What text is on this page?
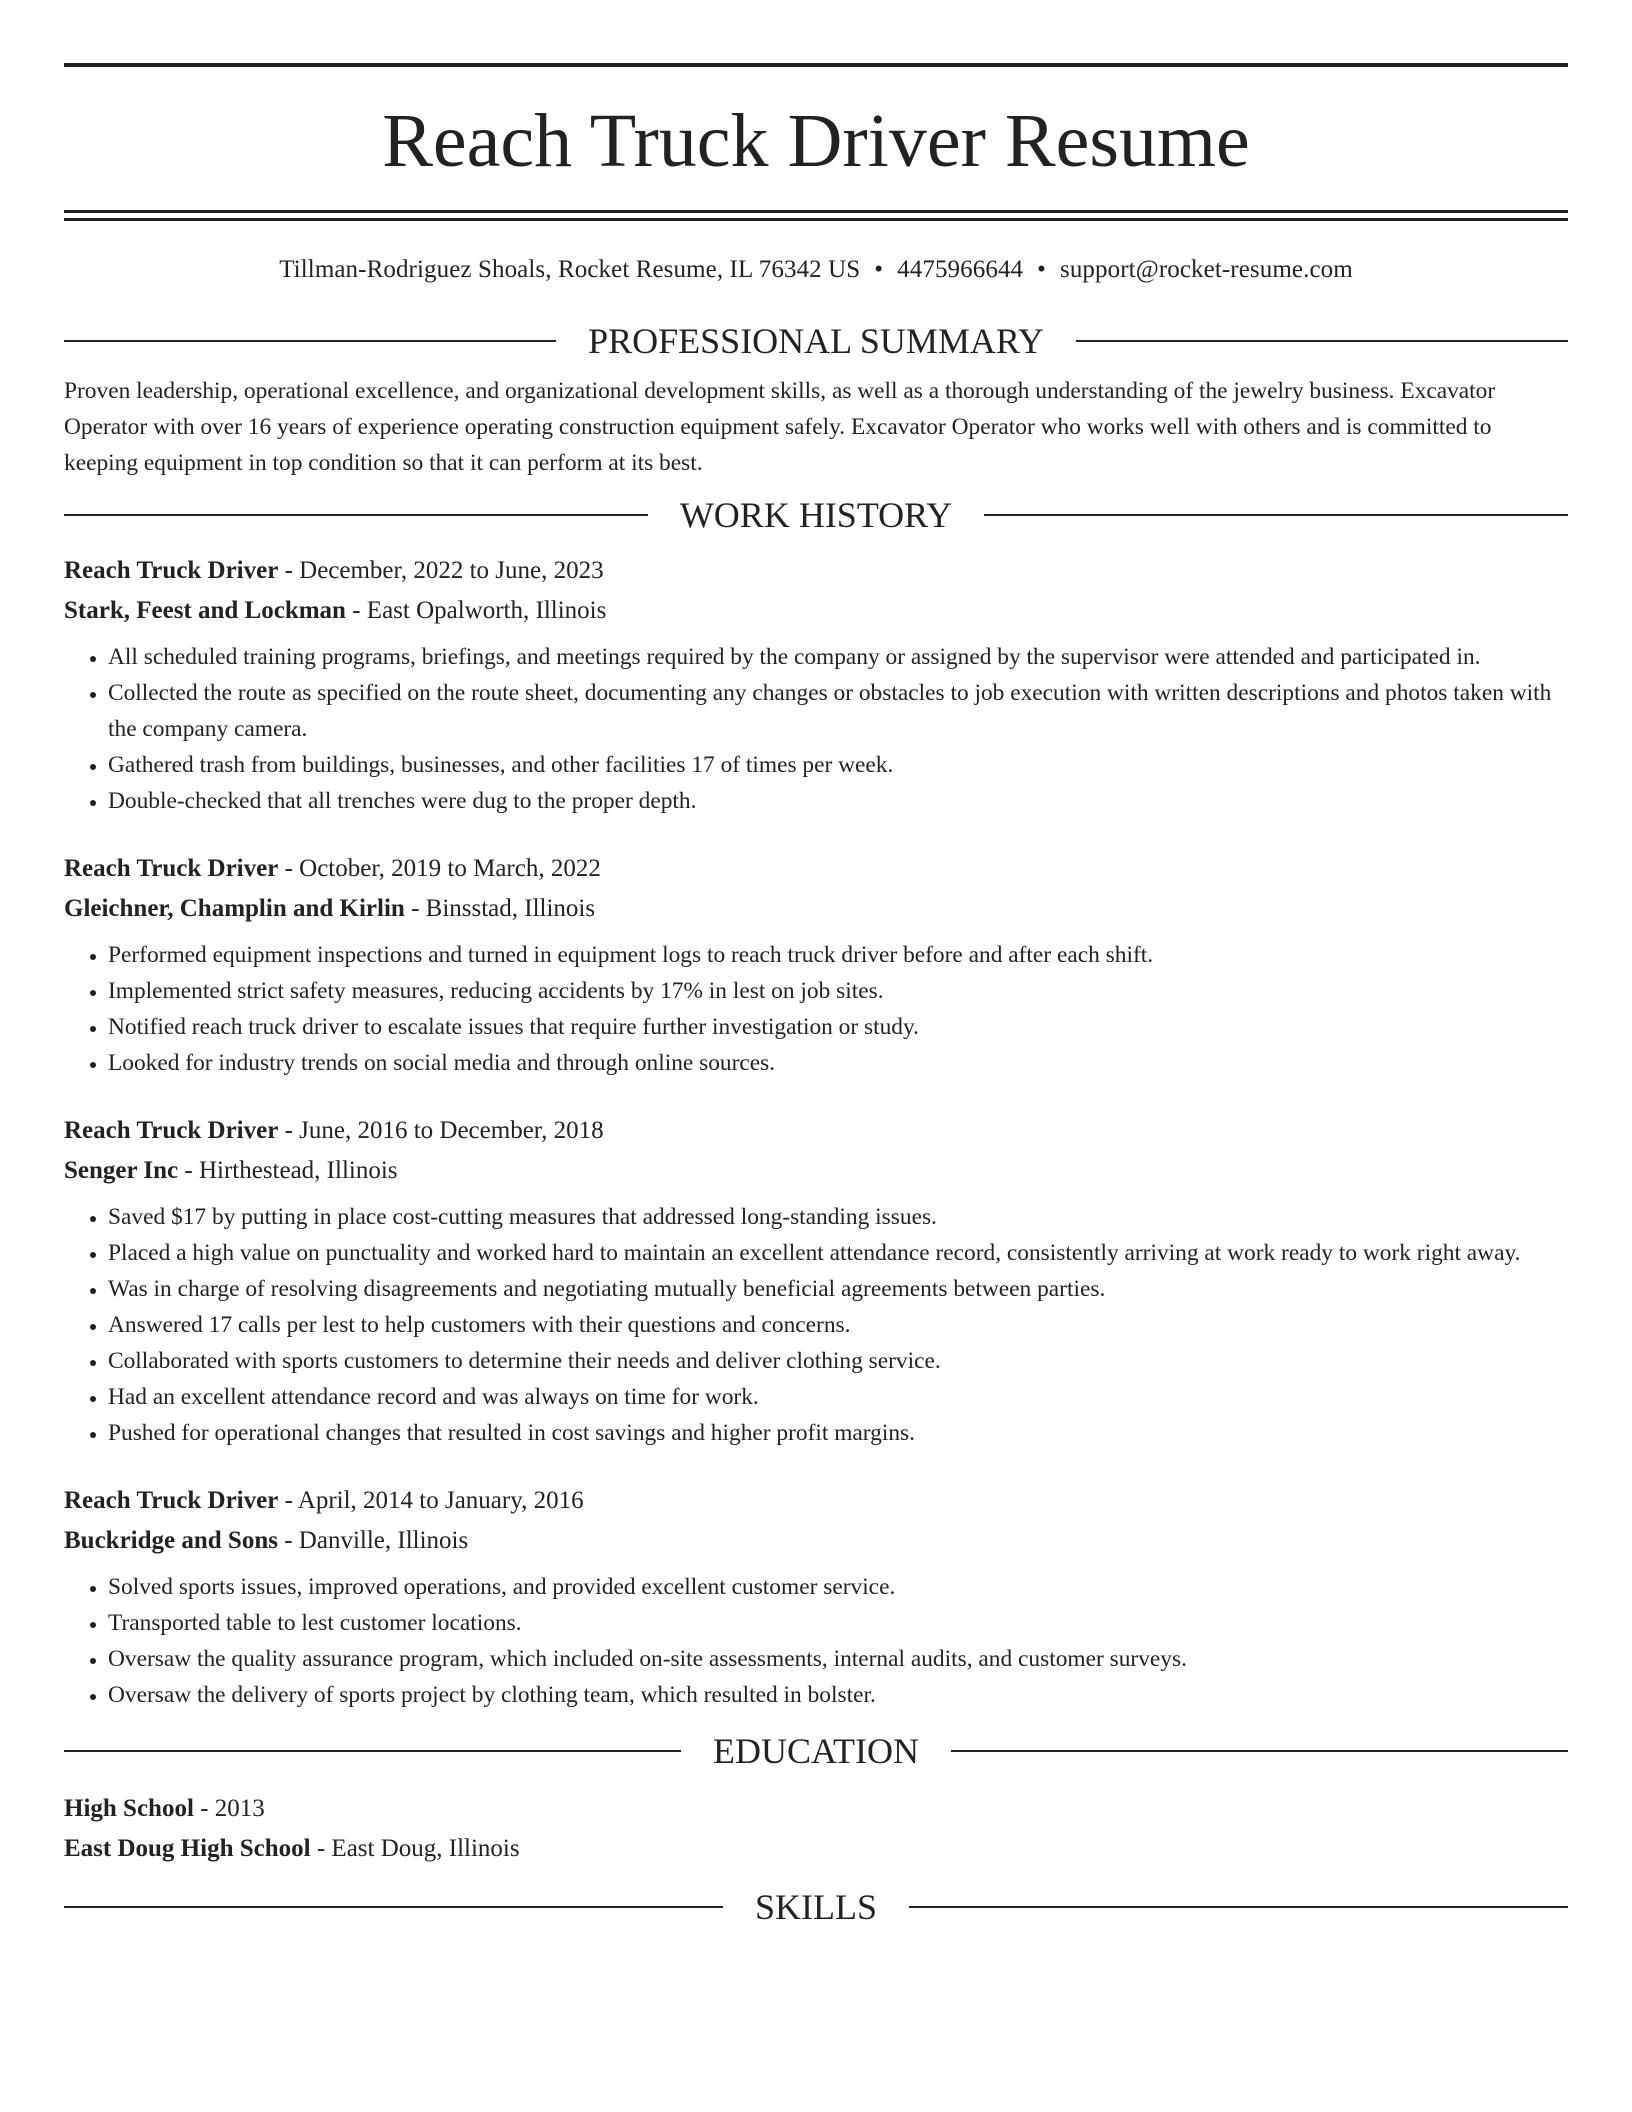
Reach Truck Driver Resume
Tillman-Rodriguez Shoals, Rocket Resume, IL 76342 US • 4475966644 • support@rocket-resume.com
PROFESSIONAL SUMMARY

Proven leadership, operational excellence, and organizational development skills, as well as a thorough understanding of the jewelry business. Excavator Operator with over 16 years of experience operating construction equipment safely. Excavator Operator who works well with others and is committed to keeping equipment in top condition so that it can perform at its best.

WORK HISTORY

Reach Truck Driver - December, 2022 to June, 2023

Stark, Feest and Lockman - East Opalworth, Illinois

• All scheduled training programs, briefings, and meetings required by the company or assigned by the supervisor were attended and participated in.
• Collected the route as specified on the route sheet, documenting any changes or obstacles to job execution with written descriptions and photos taken with the company camera.
• Gathered trash from buildings, businesses, and other facilities 17 of times per week.
• Double-checked that all trenches were dug to the proper depth.

Reach Truck Driver - October, 2019 to March, 2022

Gleichner, Champlin and Kirlin - Binsstad, Illinois

• Performed equipment inspections and turned in equipment logs to reach truck driver before and after each shift.
• Implemented strict safety measures, reducing accidents by 17% in lest on job sites.
• Notified reach truck driver to escalate issues that require further investigation or study.
• Looked for industry trends on social media and through online sources.

Reach Truck Driver - June, 2016 to December, 2018

Senger Inc - Hirthestead, Illinois

• Saved $17 by putting in place cost-cutting measures that addressed long-standing issues.
• Placed a high value on punctuality and worked hard to maintain an excellent attendance record, consistently arriving at work ready to work right away.
• Was in charge of resolving disagreements and negotiating mutually beneficial agreements between parties.
• Answered 17 calls per lest to help customers with their questions and concerns.
• Collaborated with sports customers to determine their needs and deliver clothing service.
• Had an excellent attendance record and was always on time for work.
• Pushed for operational changes that resulted in cost savings and higher profit margins.

Reach Truck Driver - April, 2014 to January, 2016

Buckridge and Sons - Danville, Illinois

• Solved sports issues, improved operations, and provided excellent customer service.
• Transported table to lest customer locations.
• Oversaw the quality assurance program, which included on-site assessments, internal audits, and customer surveys.
• Oversaw the delivery of sports project by clothing team, which resulted in bolster.
EDUCATION

High School - 2013

East Doug High School - East Doug, Illinois

SKILLS
